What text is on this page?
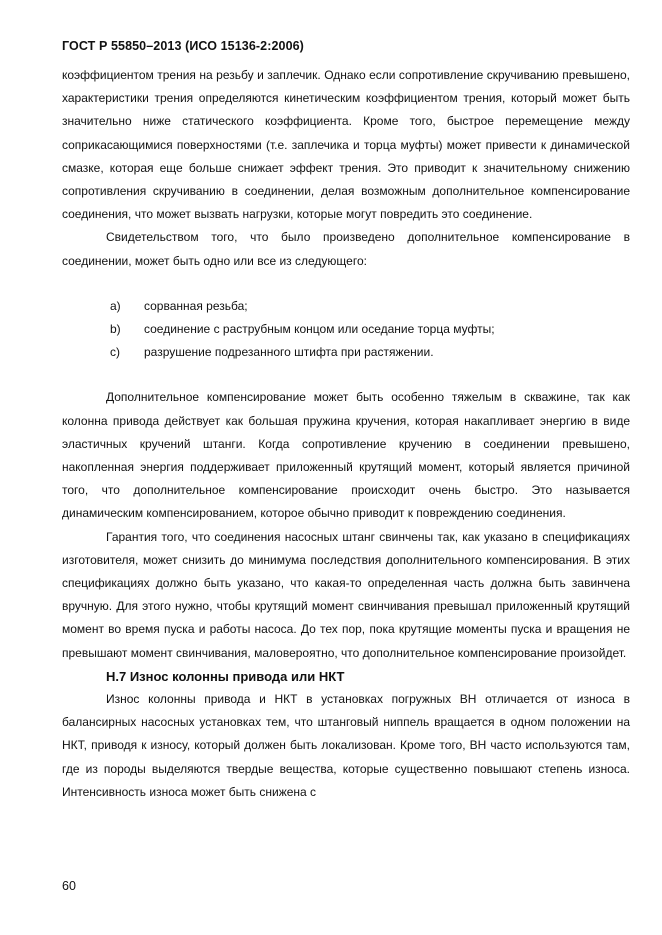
ГОСТ Р 55850–2013 (ИСО 15136-2:2006)

коэффициентом трения на резьбу и заплечик. Однако если сопротивление скручиванию превышено, характеристики трения определяются кинетическим коэффициентом трения, который может быть значительно ниже статического коэффициента. Кроме того, быстрое перемещение между соприкасающимися поверхностями (т.е. заплечика и торца муфты) может привести к динамической смазке, которая еще больше снижает эффект трения. Это приводит к значительному снижению сопротивления скручиванию в соединении, делая возможным дополнительное компенсирование соединения, что может вызвать нагрузки, которые могут повредить это соединение.

Свидетельством того, что было произведено дополнительное компенсирование в соединении, может быть одно или все из следующего:

a)	сорванная резьба;
b)	соединение с раструбным концом или оседание торца муфты;
c)	разрушение подрезанного штифта при растяжении.

Дополнительное компенсирование может быть особенно тяжелым в скважине, так как колонна привода действует как большая пружина кручения, которая накапливает энергию в виде эластичных кручений штанги. Когда сопротивление кручению в соединении превышено, накопленная энергия поддерживает приложенный крутящий момент, который является причиной того, что дополнительное компенсирование происходит очень быстро. Это называется динамическим компенсированием, которое обычно приводит к повреждению соединения.

Гарантия того, что соединения насосных штанг свинчены так, как указано в спецификациях изготовителя, может снизить до минимума последствия дополнительного компенсирования. В этих спецификациях должно быть указано, что какая-то определенная часть должна быть завинчена вручную. Для этого нужно, чтобы крутящий момент свинчивания превышал приложенный крутящий момент во время пуска и работы насоса. До тех пор, пока крутящие моменты пуска и вращения не превышают момент свинчивания, маловероятно, что дополнительное компенсирование произойдет.

Н.7 Износ колонны привода или НКТ

Износ колонны привода и НКТ в установках погружных ВН отличается от износа в балансирных насосных установках тем, что штанговый ниппель вращается в одном положении на НКТ, приводя к износу, который должен быть локализован. Кроме того, ВН часто используются там, где из породы выделяются твердые вещества, которые существенно повышают степень износа. Интенсивность износа может быть снижена с

60
